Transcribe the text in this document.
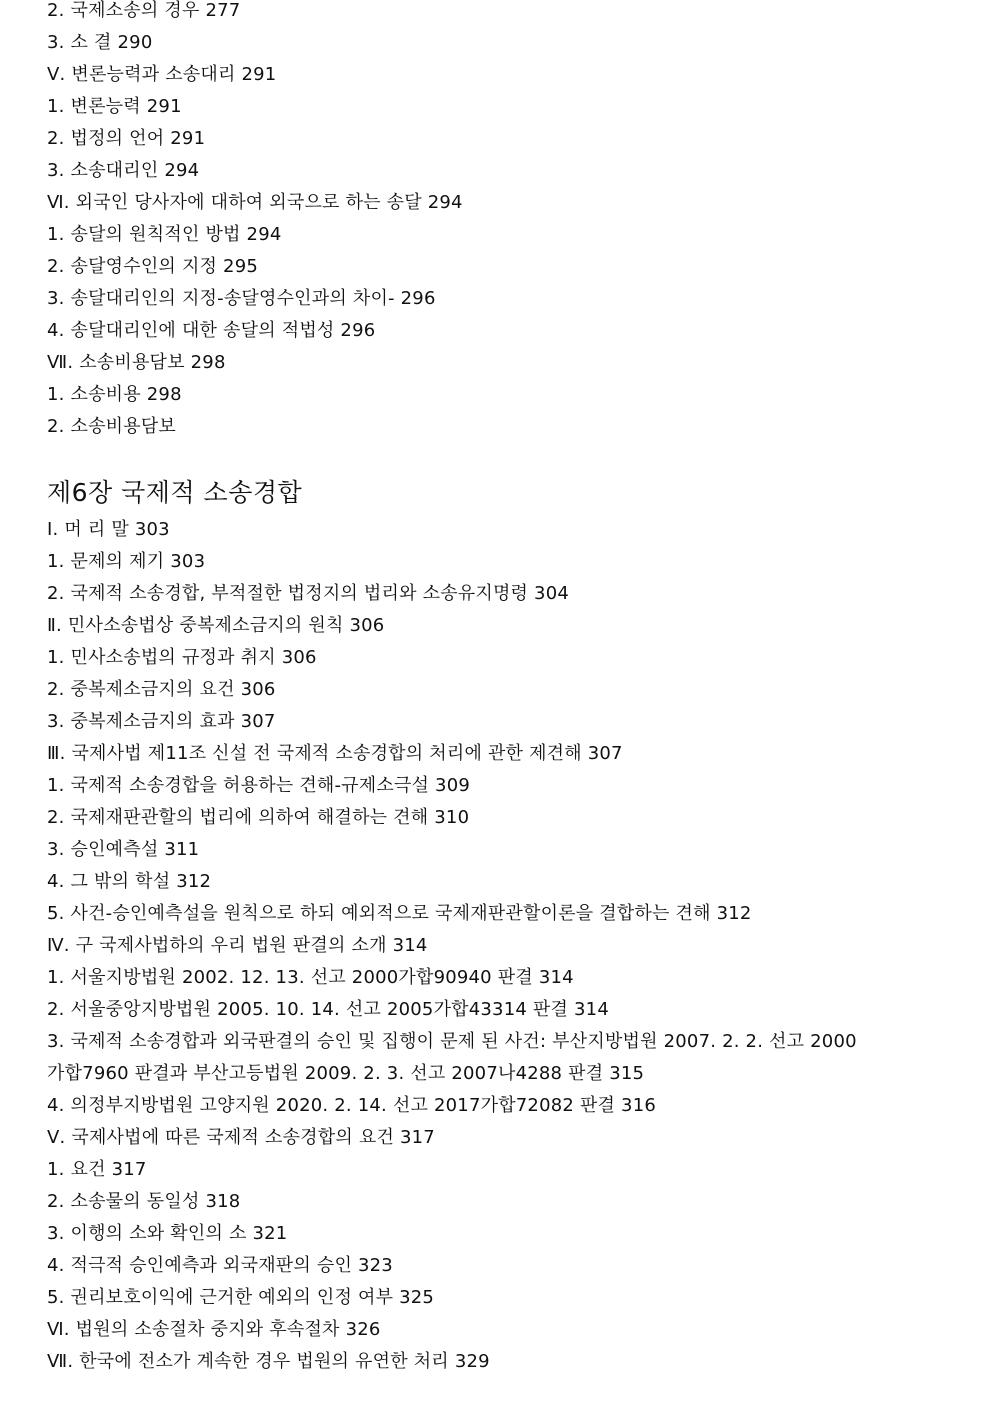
2. 국제소송의 경우 277
3. 소 결 290
Ⅴ. 변론능력과 소송대리 291
1. 변론능력 291
2. 법정의 언어 291
3. 소송대리인 294
Ⅵ. 외국인 당사자에 대하여 외국으로 하는 송달 294
1. 송달의 원칙적인 방법 294
2. 송달영수인의 지정 295
3. 송달대리인의 지정-송달영수인과의 차이- 296
4. 송달대리인에 대한 송달의 적법성 296
Ⅶ. 소송비용담보 298
1. 소송비용 298
2. 소송비용담보
제6장 국제적 소송경합
Ⅰ. 머 리 말 303
1. 문제의 제기 303
2. 국제적 소송경합, 부적절한 법정지의 법리와 소송유지명령 304
Ⅱ. 민사소송법상 중복제소금지의 원칙 306
1. 민사소송법의 규정과 취지 306
2. 중복제소금지의 요건 306
3. 중복제소금지의 효과 307
Ⅲ. 국제사법 제11조 신설 전 국제적 소송경합의 처리에 관한 제견해 307
1. 국제적 소송경합을 허용하는 견해-규제소극설 309
2. 국제재판관할의 법리에 의하여 해결하는 견해 310
3. 승인예측설 311
4. 그 밖의 학설 312
5. 사건-승인예측설을 원칙으로 하되 예외적으로 국제재판관할이론을 결합하는 견해 312
Ⅳ. 구 국제사법하의 우리 법원 판결의 소개 314
1. 서울지방법원 2002. 12. 13. 선고 2000가합90940 판결 314
2. 서울중앙지방법원 2005. 10. 14. 선고 2005가합43314 판결 314
3. 국제적 소송경합과 외국판결의 승인 및 집행이 문제 된 사건: 부산지방법원 2007. 2. 2. 선고 2000
가합7960 판결과 부산고등법원 2009. 2. 3. 선고 2007나4288 판결 315
4. 의정부지방법원 고양지원 2020. 2. 14. 선고 2017가합72082 판결 316
Ⅴ. 국제사법에 따른 국제적 소송경합의 요건 317
1. 요건 317
2. 소송물의 동일성 318
3. 이행의 소와 확인의 소 321
4. 적극적 승인예측과 외국재판의 승인 323
5. 권리보호이익에 근거한 예외의 인정 여부 325
Ⅵ. 법원의 소송절차 중지와 후속절차 326
Ⅶ. 한국에 전소가 계속한 경우 법원의 유연한 처리 329
